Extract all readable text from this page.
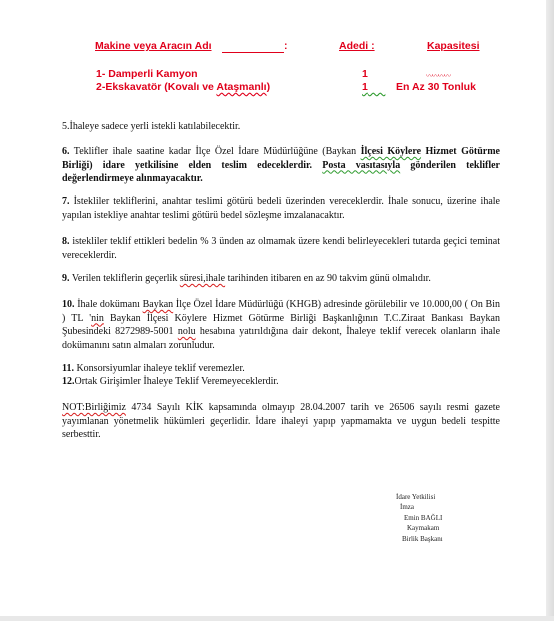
Makine veya Aracın Adı	:	Adedi :	Kapasitesi
1- Damperli Kamyon	1	〰〰〰〰
2-Ekskavatör (Kovalı ve Ataşmanlı)	1​ En Az 30 Tonluk
5.İhaleye sadece yerli istekli katılabilecektir.
6. Teklifler ihale saatine kadar İlçe Özel İdare Müdürlüğüne (Baykan İlçesi Köylere Hizmet Götürme Birliği) idare yetkilisine elden teslim edeceklerdir. Posta vasıtasıyla gönderilen teklifler değerlendirmeye alınmayacaktır.
7. İstekliler tekliflerini, anahtar teslimi götürü bedeli üzerinden vereceklerdir. İhale sonucu, üzerine ihale yapılan istekliye anahtar teslimi götürü bedel sözleşme imzalanacaktır.
8. istekliler teklif ettikleri bedelin % 3 ünden az olmamak üzere kendi belirleyecekleri tutarda geçici teminat vereceklerdir.
9. Verilen tekliflerin geçerlik süresi,ihale tarihinden itibaren en az 90 takvim günü olmalıdır.
10. İhale dokümanı Baykan İlçe Özel İdare Müdürlüğü (KHGB) adresinde görülebilir ve 10.000,00 ( On Bin ) TL 'nin Baykan İlçesi Köylere Hizmet Götürme Birliği Başkanlığının T.C.Ziraat Bankası Baykan Şubesindeki 8272989-5001 nolu hesabına yatırıldığına dair dekont, İhaleye teklif verecek olanların ihale dokümanını satın almaları zorunludur.
11. Konsorsiyumlar ihaleye teklif veremezler.
12.Ortak Girişimler İhaleye Teklif Veremeyeceklerdir.
NOT:Birliğimiz 4734 Sayılı KİK kapsamında olmayıp 28.04.2007 tarih ve 26506 sayılı resmi gazete yayımlanan yönetmelik hükümleri geçerlidir. İdare ihaleyi yapıp yapmamakta ve uygun bedeli tespitte serbesttir.
İdare Yetkilisi
İmza
Emin BAĞLI
Kaymakam
Birlik Başkanı
